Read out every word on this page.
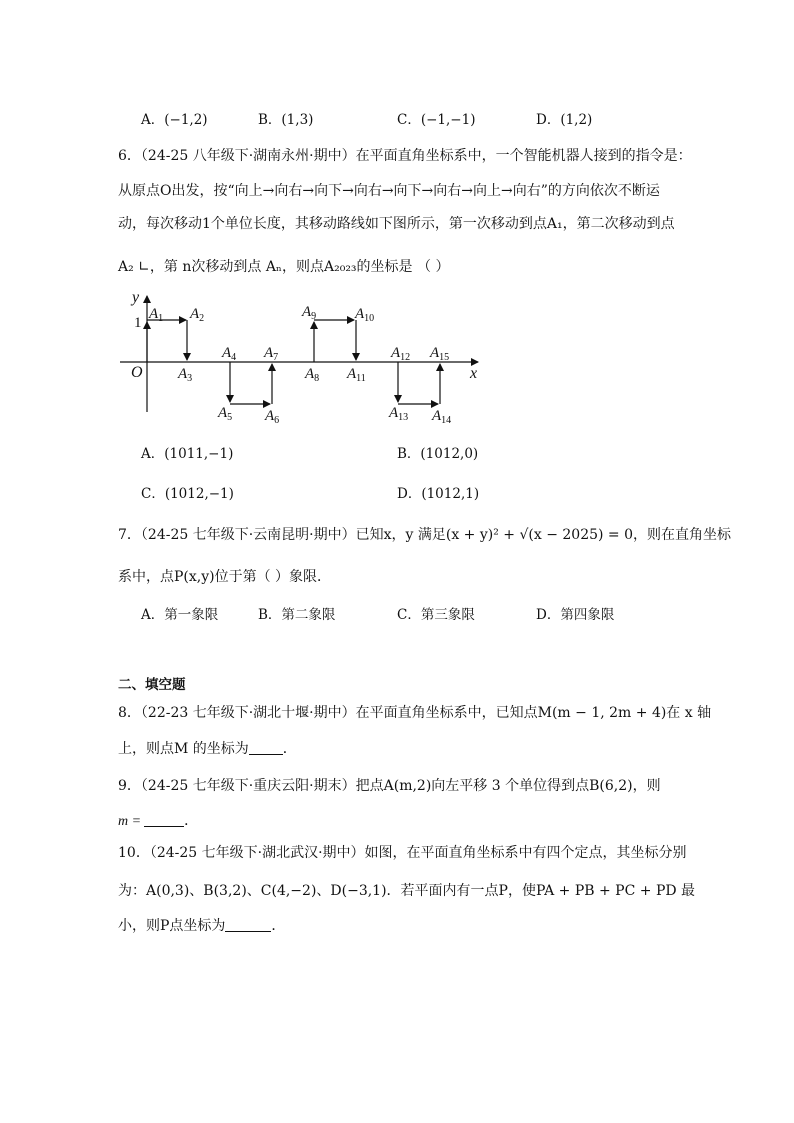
A．(−1,2)	B．(1,3)	C．(−1,−1)	D．(1,2)
6．（24-25 八年级下·湖南永州·期中）在平面直角坐标系中，一个智能机器人接到的指令是：
从原点O出发，按“向上→向右→向下→向右→向下→向右→向上→向右”的方向依次不断运
动，每次移动1个单位长度，其移动路线如下图所示，第一次移动到点A₁，第二次移动到点
A₂ ∟，第 n次移动到点 Aₙ，则点A₂₀₂₃的坐标是 （ ）
y
x
O
1
$A_1$ $A_2$
$A_3$
$A_4$
$A_5$ $A_6$
$A_7$
$A_8$
$A_9$	$A_{10}$
$A_{11}$
$A_{12}$
$A_{13}$ $A_{14}$
$A_{15}$
A．(1011,−1)	B．(1012,0)
C．(1012,−1)	D．(1012,1)
7．（24-25 七年级下·云南昆明·期中）已知x，y 满足(x + y)² + √(x − 2025) = 0，则在直角坐标
系中，点P(x,y)位于第（ ）象限．
A．第一象限	B．第二象限	C．第三象限	D．第四象限
二、填空题
8．（22-23 七年级下·湖北十堰·期中）在平面直角坐标系中，已知点M(m − 1, 2m + 4)在 x 轴
上，则点M 的坐标为 ．
9．（24-25 七年级下·重庆云阳·期末）把点A(m,2)向左平移 3 个单位得到点B(6,2)，则
m =	．
10．（24-25 七年级下·湖北武汉·期中）如图，在平面直角坐标系中有四个定点，其坐标分别
为：A(0,3)、B(3,2)、C(4,−2)、D(−3,1)．若平面内有一点P，使PA + PB + PC + PD 最
小，则P点坐标为	．
